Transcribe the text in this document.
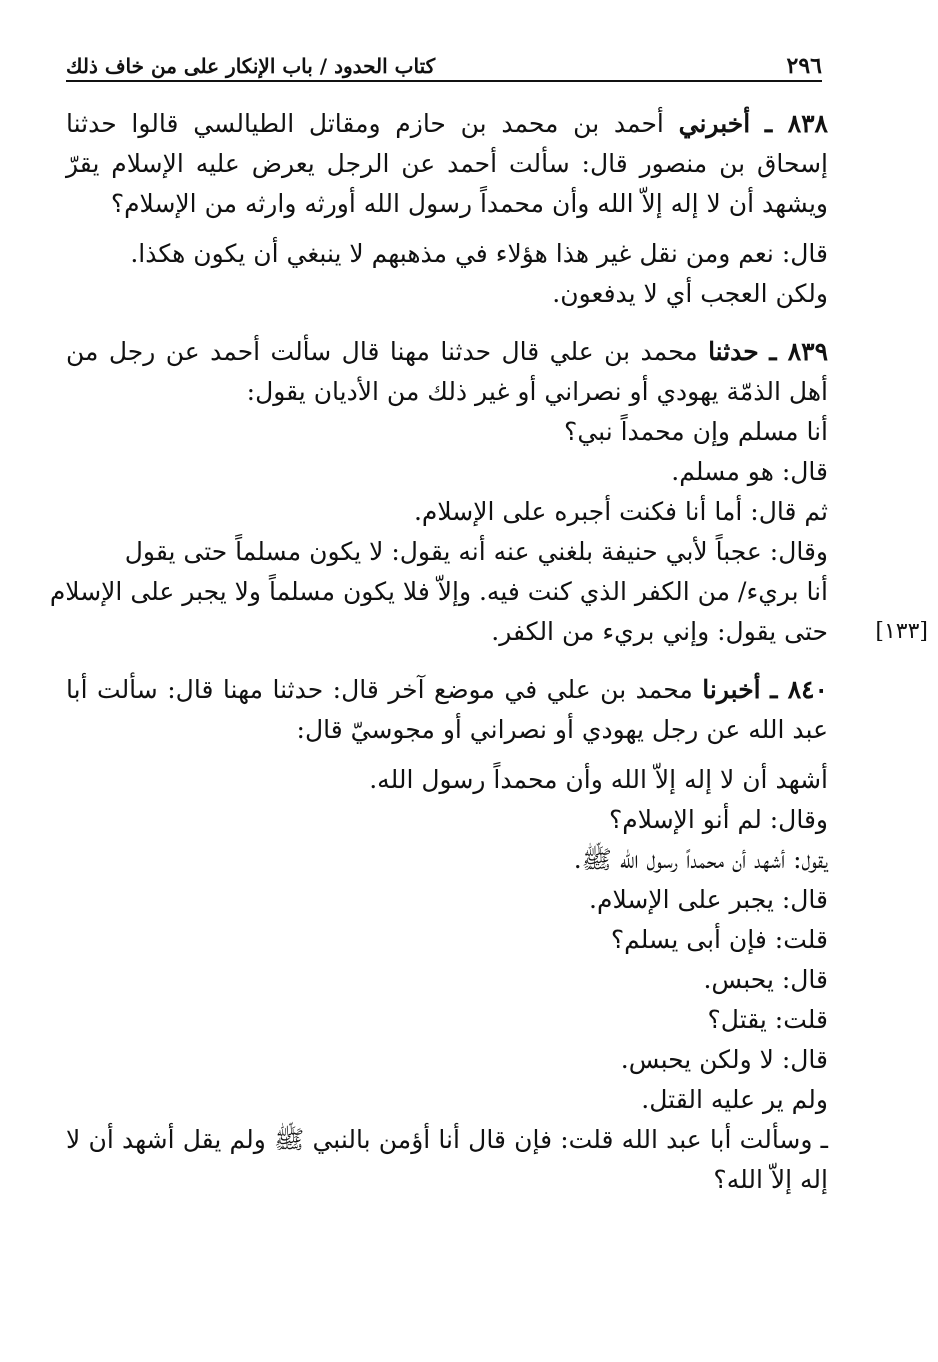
٢٩٦
كتاب الحدود / باب الإنكار على من خاف ذلك

٨٣٨ ـ أخبرني أحمد بن محمد بن حازم ومقاتل الطيالسي قالوا حدثنا إسحاق بن منصور قال: سألت أحمد عن الرجل يعرض عليه الإسلام يقرّ ويشهد أن لا إله إلاّ الله وأن محمداً رسول الله أورثه وارثه من الإسلام؟

قال: نعم ومن نقل غير هذا هؤلاء في مذهبهم لا ينبغي أن يكون هكذا.
ولكن العجب أي لا يدفعون.

٨٣٩ ـ حدثنا محمد بن علي قال حدثنا مهنا قال سألت أحمد عن رجل من أهل الذمّة يهودي أو نصراني أو غير ذلك من الأديان يقول:

أنا مسلم وإن محمداً نبي؟
قال: هو مسلم.
ثم قال: أما أنا فكنت أجبره على الإسلام.
وقال: عجباً لأبي حنيفة بلغني عنه أنه يقول: لا يكون مسلماً حتى يقول
أنا بريء/ من الكفر الذي كنت فيه. وإلاّ فلا يكون مسلماً ولا يجبر على الإسلام
حتى يقول: وإني بريء من الكفر.

٨٤٠ ـ أخبرنا محمد بن علي في موضع آخر قال: حدثنا مهنا قال: سألت أبا عبد الله عن رجل يهودي أو نصراني أو مجوسيّ قال:

أشهد أن لا إله إلاّ الله وأن محمداً رسول الله.
وقال: لم أنو الإسلام؟
يقول: أشهد أن محمداً رسول الله ﷺ.
قال: يجبر على الإسلام.
قلت: فإن أبى يسلم؟
قال: يحبس.
قلت: يقتل؟
قال: لا ولكن يحبس.
ولم ير عليه القتل.

ـ وسألت أبا عبد الله قلت: فإن قال أنا أؤمن بالنبي ﷺ ولم يقل أشهد أن لا إله إلاّ الله؟

[١٣٣]
